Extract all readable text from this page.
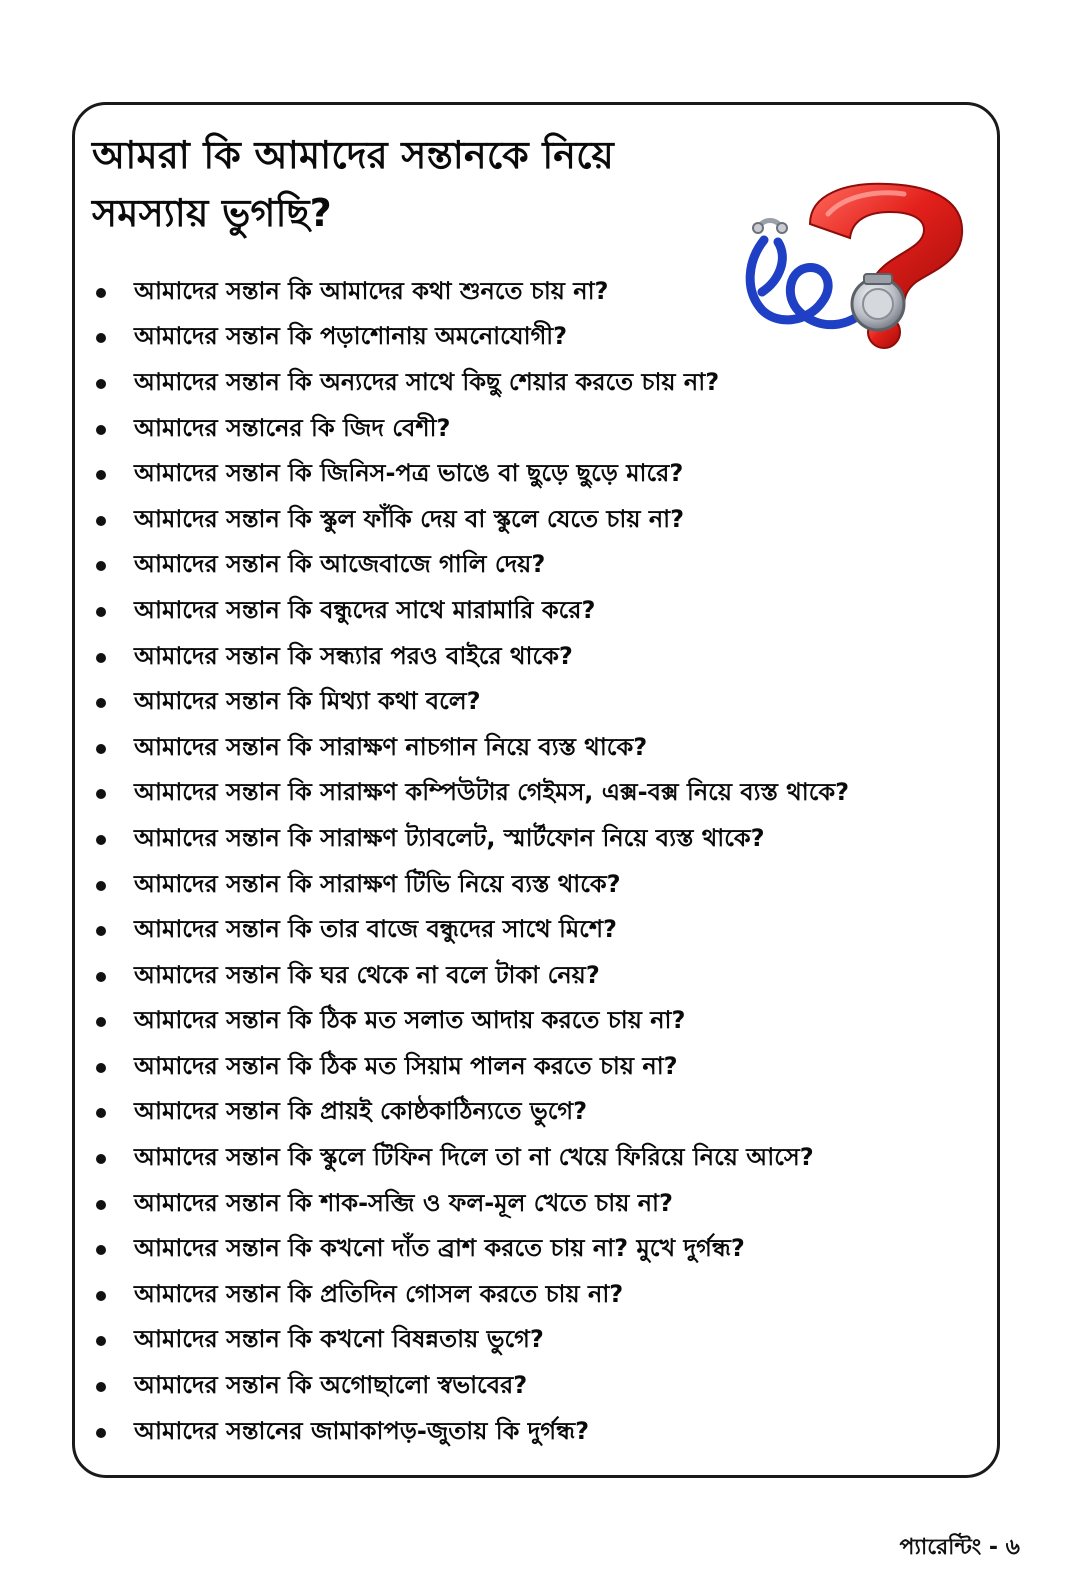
আমরা কি আমাদের সন্তানকে নিয়ে
সমস্যায় ভুগছি?
আমাদের সন্তান কি আমাদের কথা শুনতে চায় না?
আমাদের সন্তান কি পড়াশোনায় অমনোযোগী?
আমাদের সন্তান কি অন্যদের সাথে কিছু শেয়ার করতে চায় না?
আমাদের সন্তানের কি জিদ বেশী?
আমাদের সন্তান কি জিনিস-পত্র ভাঙে বা ছুড়ে ছুড়ে মারে?
আমাদের সন্তান কি স্কুল ফাঁকি দেয় বা স্কুলে যেতে চায় না?
আমাদের সন্তান কি আজেবাজে গালি দেয়?
আমাদের সন্তান কি বন্ধুদের সাথে মারামারি করে?
আমাদের সন্তান কি সন্ধ্যার পরও বাইরে থাকে?
আমাদের সন্তান কি মিথ্যা কথা বলে?
আমাদের সন্তান কি সারাক্ষণ নাচগান নিয়ে ব্যস্ত থাকে?
আমাদের সন্তান কি সারাক্ষণ কম্পিউটার গেইমস, এক্স-বক্স নিয়ে ব্যস্ত থাকে?
আমাদের সন্তান কি সারাক্ষণ ট্যাবলেট, স্মার্টফোন নিয়ে ব্যস্ত থাকে?
আমাদের সন্তান কি সারাক্ষণ টিভি নিয়ে ব্যস্ত থাকে?
আমাদের সন্তান কি তার বাজে বন্ধুদের সাথে মিশে?
আমাদের সন্তান কি ঘর থেকে না বলে টাকা নেয়?
আমাদের সন্তান কি ঠিক মত সলাত আদায় করতে চায় না?
আমাদের সন্তান কি ঠিক মত সিয়াম পালন করতে চায় না?
আমাদের সন্তান কি প্রায়ই কোষ্ঠকাঠিন্যতে ভুগে?
আমাদের সন্তান কি স্কুলে টিফিন দিলে তা না খেয়ে ফিরিয়ে নিয়ে আসে?
আমাদের সন্তান কি শাক-সব্জি ও ফল-মূল খেতে চায় না?
আমাদের সন্তান কি কখনো দাঁত ব্রাশ করতে চায় না? মুখে দুর্গন্ধ?
আমাদের সন্তান কি প্রতিদিন গোসল করতে চায় না?
আমাদের সন্তান কি কখনো বিষন্নতায় ভুগে?
আমাদের সন্তান কি অগোছালো স্বভাবের?
আমাদের সন্তানের জামাকাপড়-জুতায় কি দুর্গন্ধ?
প্যারেন্টিং - ৬
